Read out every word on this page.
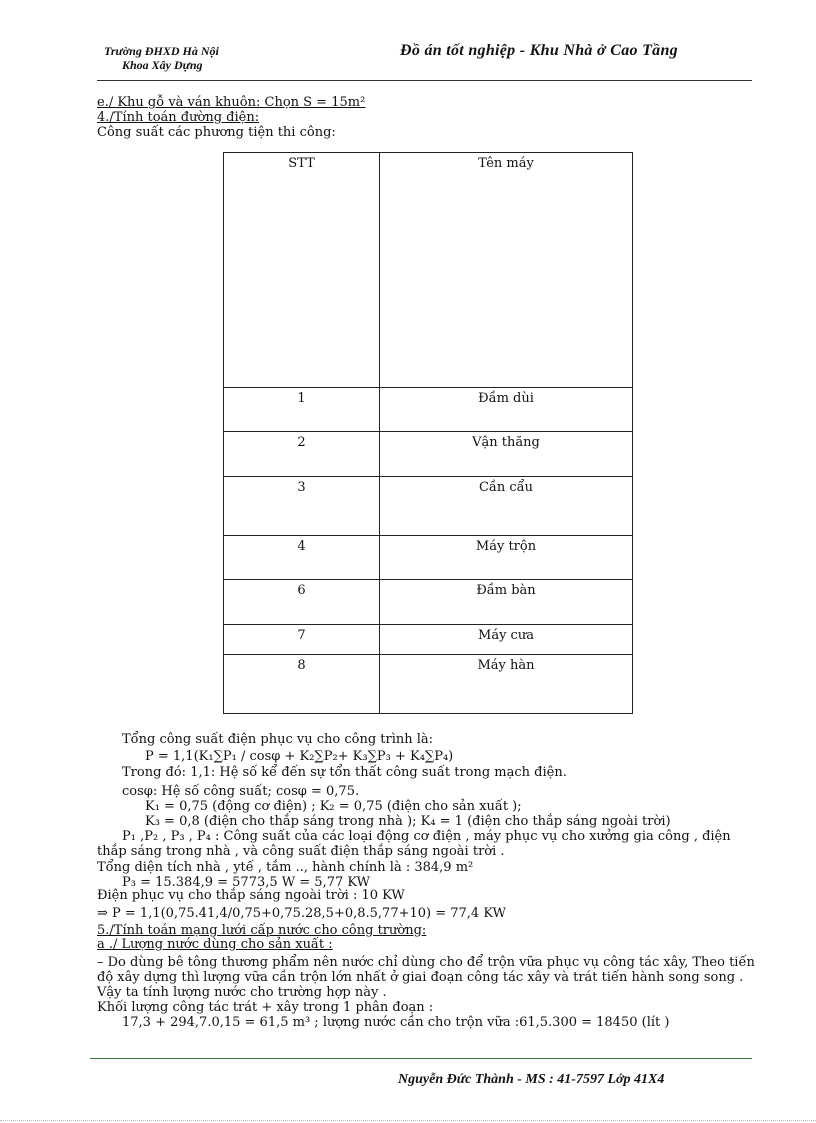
Trường ĐHXD Hà Nội
Khoa Xây Dựng
Đồ án tốt nghiệp - Khu Nhà ở Cao Tầng
e./ Khu gỗ và ván khuôn: Chọn S = 15m²
4./Tính toán đường điện:
Công suất các phương tiện thi công:
STT	Tên máy
1	Đầm dùi
2	Vận thăng
3	Cần cẩu
4	Máy trộn
6	Đầm bàn
7	Máy cưa
8	Máy hàn
Tổng công suất điện phục vụ cho công trình là:
P = 1,1(K₁∑P₁ / cosφ + K₂∑P₂+ K₃∑P₃ + K₄∑P₄)
Trong đó: 1,1: Hệ số kể đến sự tổn thất công suất trong mạch điện.
cosφ: Hệ số công suất; cosφ = 0,75.
K₁ = 0,75 (động cơ điện) ; K₂ = 0,75 (điện cho sản xuất );
K₃ = 0,8 (điện cho thắp sáng trong nhà ); K₄ = 1 (điện cho thắp sáng ngoài trời)
P₁ ,P₂ , P₃ , P₄ : Công suất của các loại động cơ điện , máy phục vụ cho xưởng gia công , điện thắp sáng trong nhà , và công suất điện thắp sáng ngoài trời .
Tổng diện tích nhà , ytế , tắm .., hành chính là : 384,9 m²
P₃ = 15.384,9 = 5773,5 W = 5,77 KW
Điện phục vụ cho thắp sáng ngoài trời : 10 KW
⇒ P = 1,1(0,75.41,4/0,75+0,75.28,5+0,8.5,77+10) = 77,4 KW
5./Tính toán mạng lưới cấp nước cho công trường:
a ./ Lượng nước dùng cho sản xuất :
– Do dùng bê tông thương phẩm nên nước chỉ dùng cho để trộn vữa phục vụ công tác xây, Theo tiến độ xây dựng thì lượng vữa cần trộn lớn nhất ở giai đoạn công tác xây và trát tiến hành song song . Vậy ta tính lượng nước cho trường hợp này .
Khối lượng công tác trát + xây trong 1 phân đoạn :
17,3 + 294,7.0,15 = 61,5 m³ ; lượng nước cần cho trộn vữa :61,5.300 = 18450 (lít )
Nguyễn Đức Thành - MS : 41-7597 Lớp 41X4
